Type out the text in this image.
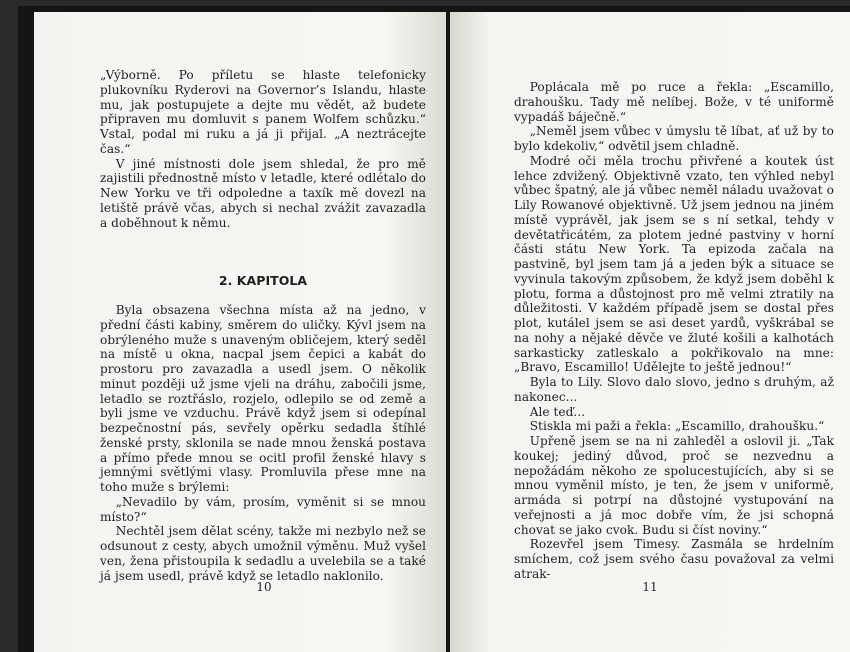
„Výborně. Po příletu se hlaste telefonicky plukovníku Ryderovi na Governor’s Islandu, hlaste mu, jak postupujete a dejte mu vědět, až budete připraven mu domluvit s panem Wolfem schůzku.“ Vstal, podal mi ruku a já ji přijal. „A neztrácejte čas.“

V jiné místnosti dole jsem shledal, že pro mě zajistili přednostně místo v letadle, které odlétalo do New Yorku ve tři odpoledne a taxík mě dovezl na letiště právě včas, abych si nechal zvážit zavazadla a doběhnout k němu.

2. KAPITOLA

Byla obsazena všechna místa až na jedno, v přední části kabiny, směrem do uličky. Kývl jsem na obrýleného muže s unaveným obličejem, který seděl na místě u okna, nacpal jsem čepici a kabát do prostoru pro zavazadla a usedl jsem. O několik minut později už jsme vjeli na dráhu, zabočili jsme, letadlo se roztřáslo, rozjelo, odlepilo se od země a byli jsme ve vzduchu. Právě když jsem si odepínal bezpečnostní pás, sevřely opěrku sedadla štíhlé ženské prsty, sklonila se nade mnou ženská postava a přímo přede mnou se ocitl profil ženské hlavy s jemnými světlými vlasy. Promluvila přese mne na toho muže s brýlemi:

„Nevadilo by vám, prosím, vyměnit si se mnou místo?“

Nechtěl jsem dělat scény, takže mi nezbylo než se odsunout z cesty, abych umožnil výměnu. Muž vyšel ven, žena přistoupila k sedadlu a uvelebila se a také já jsem usedl, právě když se letadlo naklonilo.

10

Poplácala mě po ruce a řekla: „Escamillo, drahoušku. Tady mě nelíbej. Bože, v té uniformě vypadáš báječně.“

„Neměl jsem vůbec v úmyslu tě líbat, ať už by to bylo kdekoliv,“ odvětil jsem chladně.

Modré oči měla trochu přivřené a koutek úst lehce zdvižený. Objektivně vzato, ten výhled nebyl vůbec špatný, ale já vůbec neměl náladu uvažovat o Lily Rowanové objektivně. Už jsem jednou na jiném místě vyprávěl, jak jsem se s ní setkal, tehdy v devětatřicátém, za plotem jedné pastviny v horní části státu New York. Ta epizoda začala na pastvině, byl jsem tam já a jeden býk a situace se vyvinula takovým způsobem, že když jsem doběhl k plotu, forma a důstojnost pro mě velmi ztratily na důležitosti. V každém případě jsem se dostal přes plot, kutálel jsem se asi deset yardů, vyškrábal se na nohy a nějaké děvče ve žluté košili a kalhotách sarkasticky zatleskalo a pokřikovalo na mne: „Bravo, Escamillo! Udělejte to ještě jednou!“

Byla to Lily. Slovo dalo slovo, jedno s druhým, až nakonec...

Ale teď...

Stiskla mi paži a řekla: „Escamillo, drahoušku.“

Upřeně jsem se na ni zahleděl a oslovil ji. „Tak koukej; jediný důvod, proč se nezvednu a nepožádám někoho ze spolucestujících, aby si se mnou vyměnil místo, je ten, že jsem v uniformě, armáda si potrpí na důstojné vystupování na veřejnosti a já moc dobře vím, že jsi schopná chovat se jako cvok. Budu si číst noviny.“

Rozevřel jsem Timesy. Zasmála se hrdelním smíchem, což jsem svého času považoval za velmi atrak-

11
